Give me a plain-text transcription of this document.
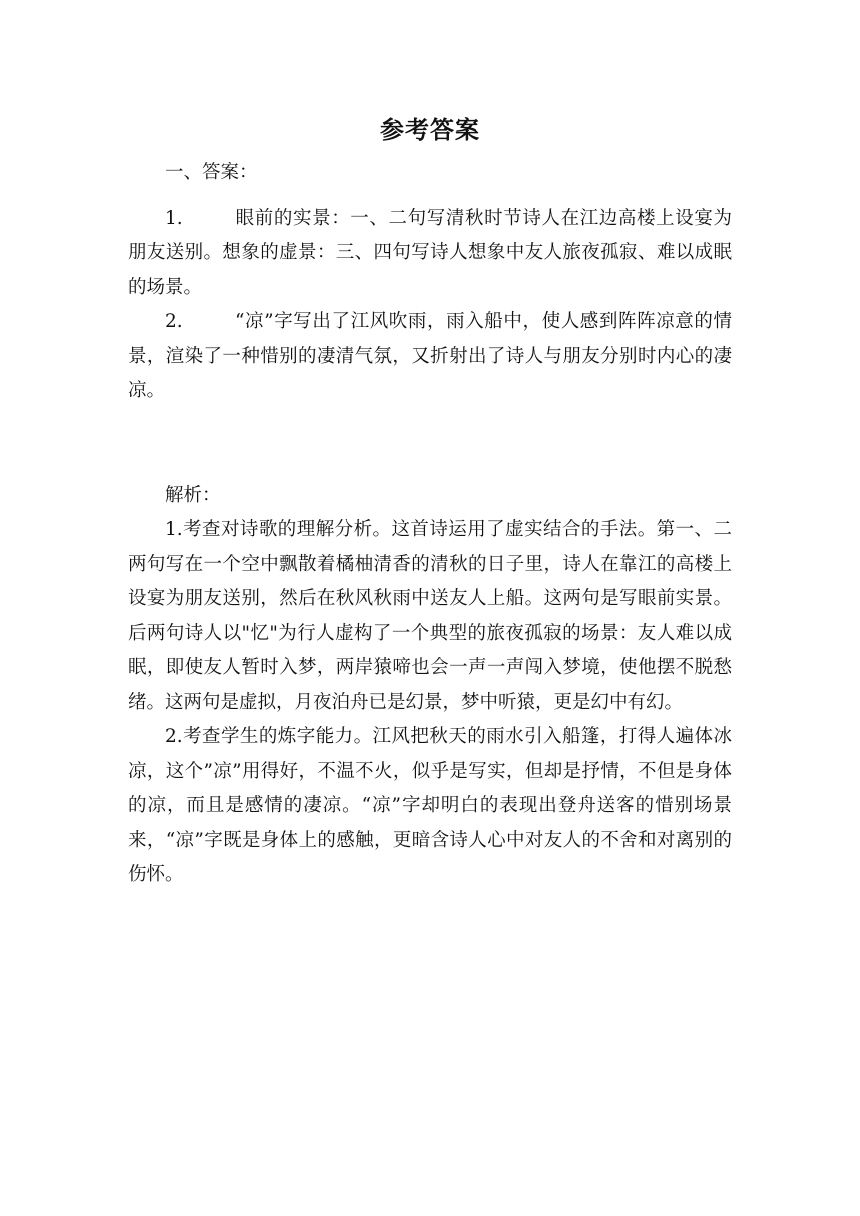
参考答案

一、答案：

1.	眼前的实景：一、二句写清秋时节诗人在江边高楼上设宴为朋友送别。想象的虚景：三、四句写诗人想象中友人旅夜孤寂、难以成眠的场景。

2.	“凉”字写出了江风吹雨，雨入船中，使人感到阵阵凉意的情景，渲染了一种惜别的凄清气氛，又折射出了诗人与朋友分别时内心的凄凉。

解析：

1.考查对诗歌的理解分析。这首诗运用了虚实结合的手法。第一、二两句写在一个空中飘散着橘柚清香的清秋的日子里，诗人在靠江的高楼上设宴为朋友送别，然后在秋风秋雨中送友人上船。这两句是写眼前实景。后两句诗人以"忆"为行人虚构了一个典型的旅夜孤寂的场景：友人难以成眠，即使友人暂时入梦，两岸猿啼也会一声一声闯入梦境，使他摆不脱愁绪。这两句是虚拟，月夜泊舟已是幻景，梦中听猿，更是幻中有幻。

2.考查学生的炼字能力。江风把秋天的雨水引入船篷，打得人遍体冰凉，这个”凉”用得好，不温不火，似乎是写实，但却是抒情，不但是身体的凉，而且是感情的凄凉。“凉”字却明白的表现出登舟送客的惜别场景来，“凉”字既是身体上的感触，更暗含诗人心中对友人的不舍和对离别的伤怀。
